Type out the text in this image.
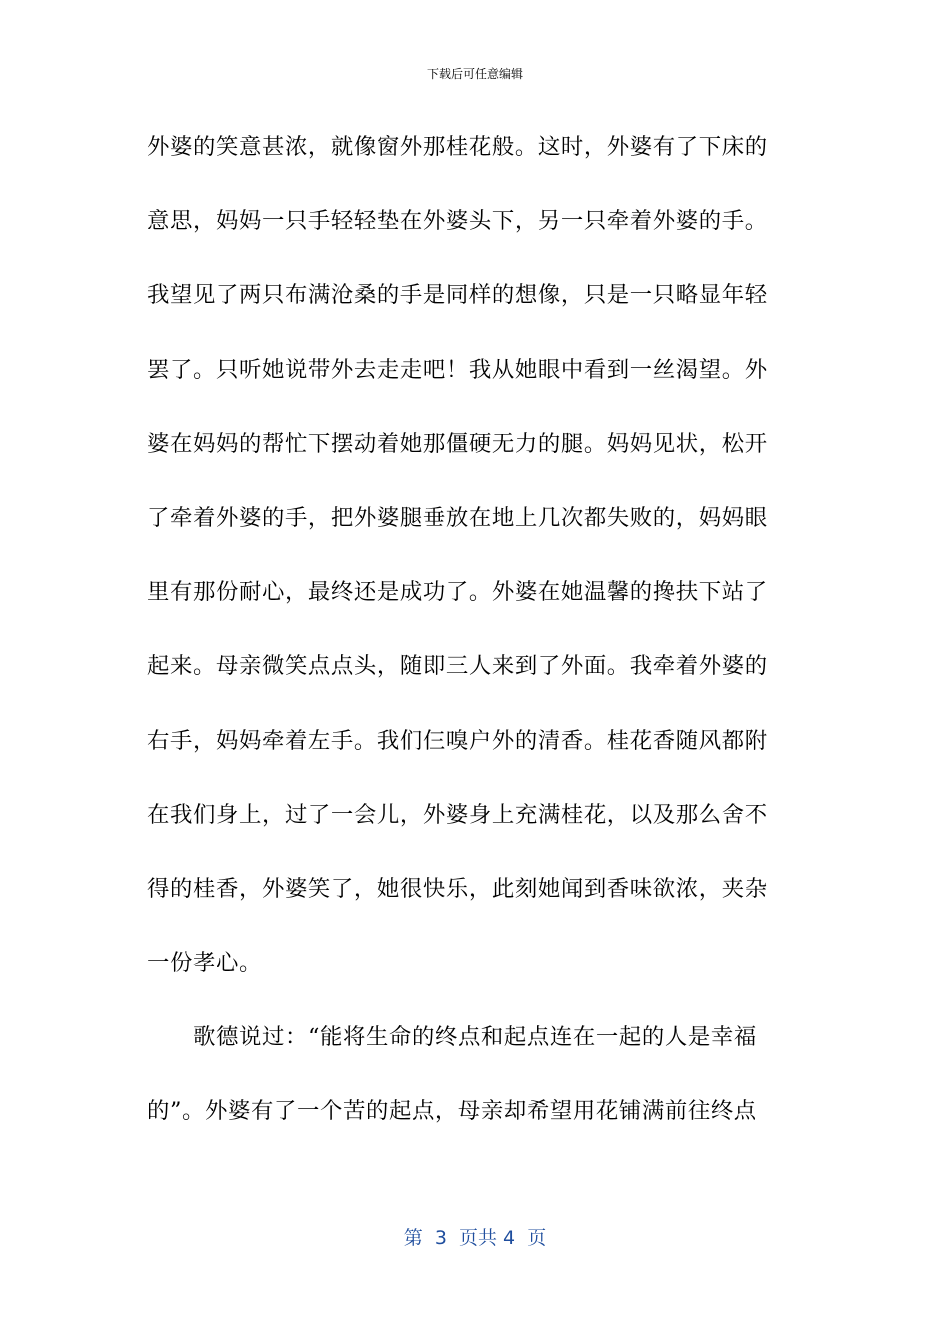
下载后可任意编辑
外婆的笑意甚浓，就像窗外那桂花般。这时，外婆有了下床的
意思，妈妈一只手轻轻垫在外婆头下，另一只牵着外婆的手。
我望见了两只布满沧桑的手是同样的想像，只是一只略显年轻
罢了。只听她说带外去走走吧！我从她眼中看到一丝渴望。外
婆在妈妈的帮忙下摆动着她那僵硬无力的腿。妈妈见状，松开
了牵着外婆的手，把外婆腿垂放在地上几次都失败的，妈妈眼
里有那份耐心，最终还是成功了。外婆在她温馨的搀扶下站了
起来。母亲微笑点点头，随即三人来到了外面。我牵着外婆的
右手，妈妈牵着左手。我们仨嗅户外的清香。桂花香随风都附
在我们身上，过了一会儿，外婆身上充满桂花，以及那么舍不
得的桂香，外婆笑了，她很快乐，此刻她闻到香味欲浓，夹杂
一份孝心。
歌德说过：“能将生命的终点和起点连在一起的人是幸福
的”。外婆有了一个苦的起点，母亲却希望用花铺满前往终点
第  3  页共 4  页
